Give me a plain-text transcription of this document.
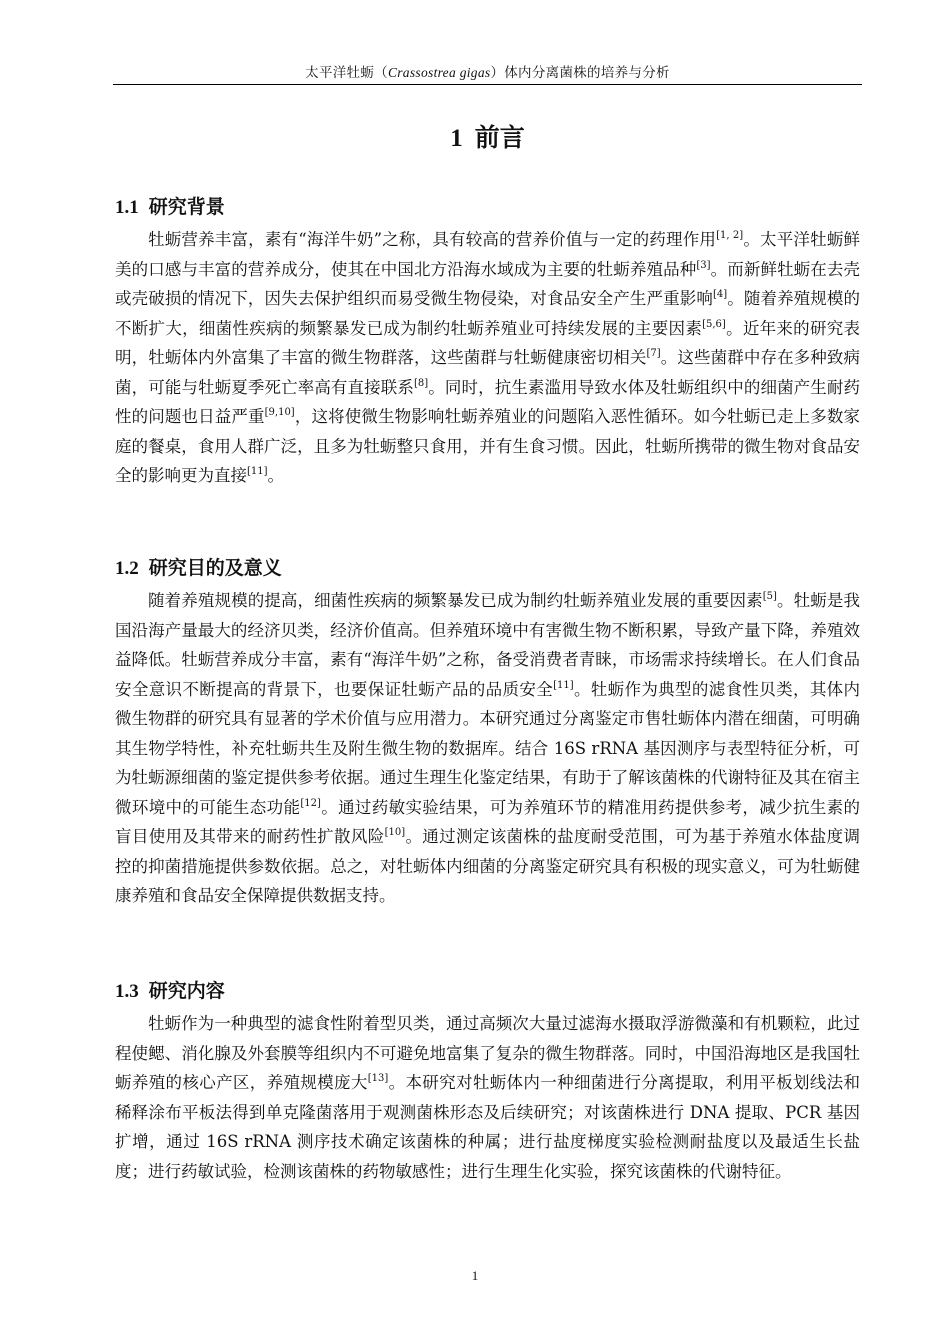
太平洋牡蛎（Crassostrea gigas）体内分离菌株的培养与分析
1 前言
1.1 研究背景

牡蛎营养丰富，素有“海洋牛奶”之称，具有较高的营养价值与一定的药理作用[1, 2]。太平洋牡蛎鲜美的口感与丰富的营养成分，使其在中国北方沿海水域成为主要的牡蛎养殖品种[3]。而新鲜牡蛎在去壳或壳破损的情况下，因失去保护组织而易受微生物侵染，对食品安全产生严重影响[4]。随着养殖规模的不断扩大，细菌性疾病的频繁暴发已成为制约牡蛎养殖业可持续发展的主要因素[5,6]。近年来的研究表明，牡蛎体内外富集了丰富的微生物群落，这些菌群与牡蛎健康密切相关[7]。这些菌群中存在多种致病菌，可能与牡蛎夏季死亡率高有直接联系[8]。同时，抗生素滥用导致水体及牡蛎组织中的细菌产生耐药性的问题也日益严重[9,10]，这将使微生物影响牡蛎养殖业的问题陷入恶性循环。如今牡蛎已走上多数家庭的餐桌，食用人群广泛，且多为牡蛎整只食用，并有生食习惯。因此，牡蛎所携带的微生物对食品安全的影响更为直接[11]。

1.2 研究目的及意义

随着养殖规模的提高，细菌性疾病的频繁暴发已成为制约牡蛎养殖业发展的重要因素[5]。牡蛎是我国沿海产量最大的经济贝类，经济价值高。但养殖环境中有害微生物不断积累，导致产量下降，养殖效益降低。牡蛎营养成分丰富，素有“海洋牛奶”之称，备受消费者青睐，市场需求持续增长。在人们食品安全意识不断提高的背景下，也要保证牡蛎产品的品质安全[11]。牡蛎作为典型的滤食性贝类，其体内微生物群的研究具有显著的学术价值与应用潜力。本研究通过分离鉴定市售牡蛎体内潜在细菌，可明确其生物学特性，补充牡蛎共生及附生微生物的数据库。结合 16S rRNA 基因测序与表型特征分析，可为牡蛎源细菌的鉴定提供参考依据。通过生理生化鉴定结果，有助于了解该菌株的代谢特征及其在宿主微环境中的可能生态功能[12]。通过药敏实验结果，可为养殖环节的精准用药提供参考，减少抗生素的盲目使用及其带来的耐药性扩散风险[10]。通过测定该菌株的盐度耐受范围，可为基于养殖水体盐度调控的抑菌措施提供参数依据。总之，对牡蛎体内细菌的分离鉴定研究具有积极的现实意义，可为牡蛎健康养殖和食品安全保障提供数据支持。

1.3 研究内容

牡蛎作为一种典型的滤食性附着型贝类，通过高频次大量过滤海水摄取浮游微藻和有机颗粒，此过程使鳃、消化腺及外套膜等组织内不可避免地富集了复杂的微生物群落。同时，中国沿海地区是我国牡蛎养殖的核心产区，养殖规模庞大[13]。本研究对牡蛎体内一种细菌进行分离提取，利用平板划线法和稀释涂布平板法得到单克隆菌落用于观测菌株形态及后续研究；对该菌株进行 DNA 提取、PCR 基因扩增，通过 16S rRNA 测序技术确定该菌株的种属；进行盐度梯度实验检测耐盐度以及最适生长盐度；进行药敏试验，检测该菌株的药物敏感性；进行生理生化实验，探究该菌株的代谢特征。

1
